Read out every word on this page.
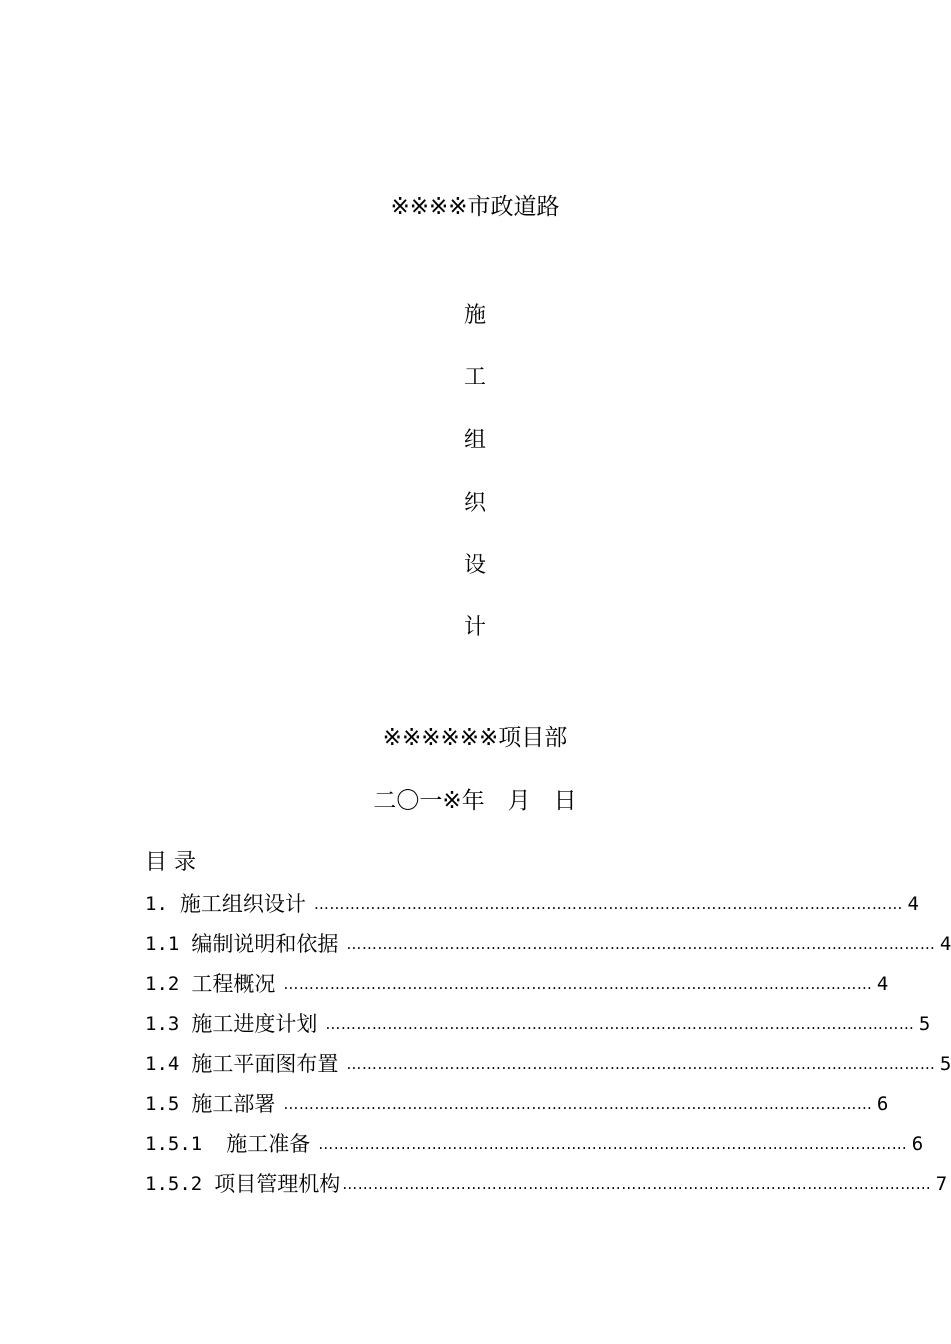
※※※※市政道路
施
工
组
织
设
计
※※※※※※项目部
二〇一※年　月　日
目 录
1. 施工组织设计 …………………………………………………………………………………………………… 4
1.1 编制说明和依据 …………………………………………………………………………………………………… 4
1.2 工程概况 …………………………………………………………………………………………………… 4
1.3 施工进度计划 …………………………………………………………………………………………………… 5
1.4 施工平面图布置 …………………………………………………………………………………………………… 5
1.5 施工部署 …………………………………………………………………………………………………… 6
1.5.1 施工准备 …………………………………………………………………………………………………… 6
1.5.2 项目管理机构 …………………………………………………………………………………………………… 7
